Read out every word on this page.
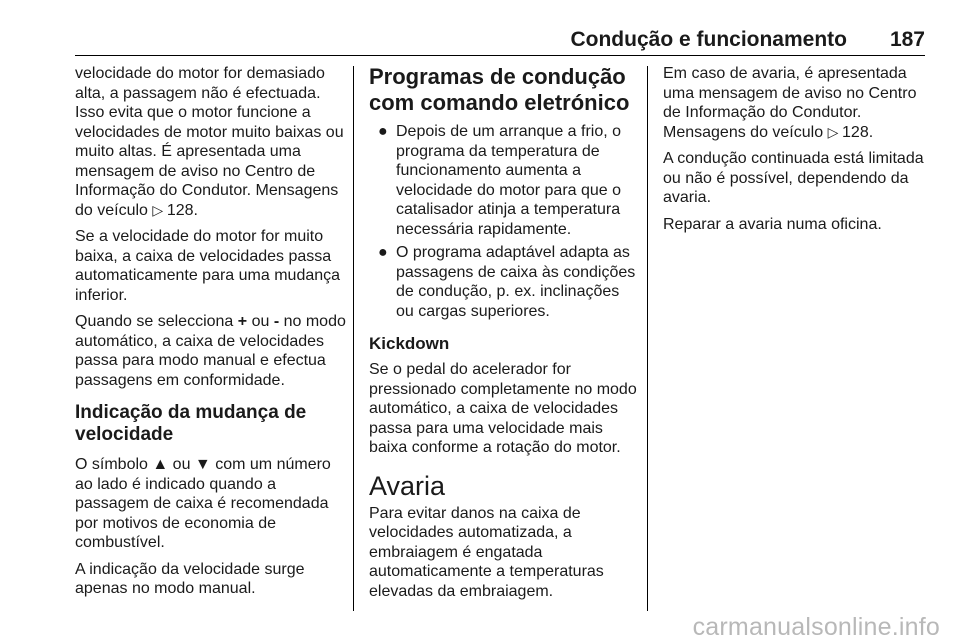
Condução e funcionamento 187

velocidade do motor for demasiado alta, a passagem não é efectuada. Isso evita que o motor funcione a velocidades de motor muito baixas ou muito altas. É apresentada uma mensagem de aviso no Centro de Informação do Condutor. Mensagens do veículo ▷ 128.

Se a velocidade do motor for muito baixa, a caixa de velocidades passa automaticamente para uma mudança inferior.

Quando se selecciona + ou - no modo automático, a caixa de velocidades passa para modo manual e efectua passagens em conformidade.

Indicação da mudança de velocidade

O símbolo ▲ ou ▼ com um número ao lado é indicado quando a passagem de caixa é recomendada por motivos de economia de combustível.

A indicação da velocidade surge apenas no modo manual.

Programas de condução com comando eletrónico
● Depois de um arranque a frio, o programa da temperatura de funcionamento aumenta a velocidade do motor para que o catalisador atinja a temperatura necessária rapidamente.
● O programa adaptável adapta as passagens de caixa às condições de condução, p. ex. inclinações ou cargas superiores.
Kickdown

Se o pedal do acelerador for pressionado completamente no modo automático, a caixa de velocidades passa para uma velocidade mais baixa conforme a rotação do motor.

Avaria

Para evitar danos na caixa de velocidades automatizada, a embraiagem é engatada automaticamente a temperaturas elevadas da embraiagem.

Em caso de avaria, é apresentada uma mensagem de aviso no Centro de Informação do Condutor. Mensagens do veículo ▷ 128.

A condução continuada está limitada ou não é possível, dependendo da avaria.

Reparar a avaria numa oficina.

carmanualsonline.info
